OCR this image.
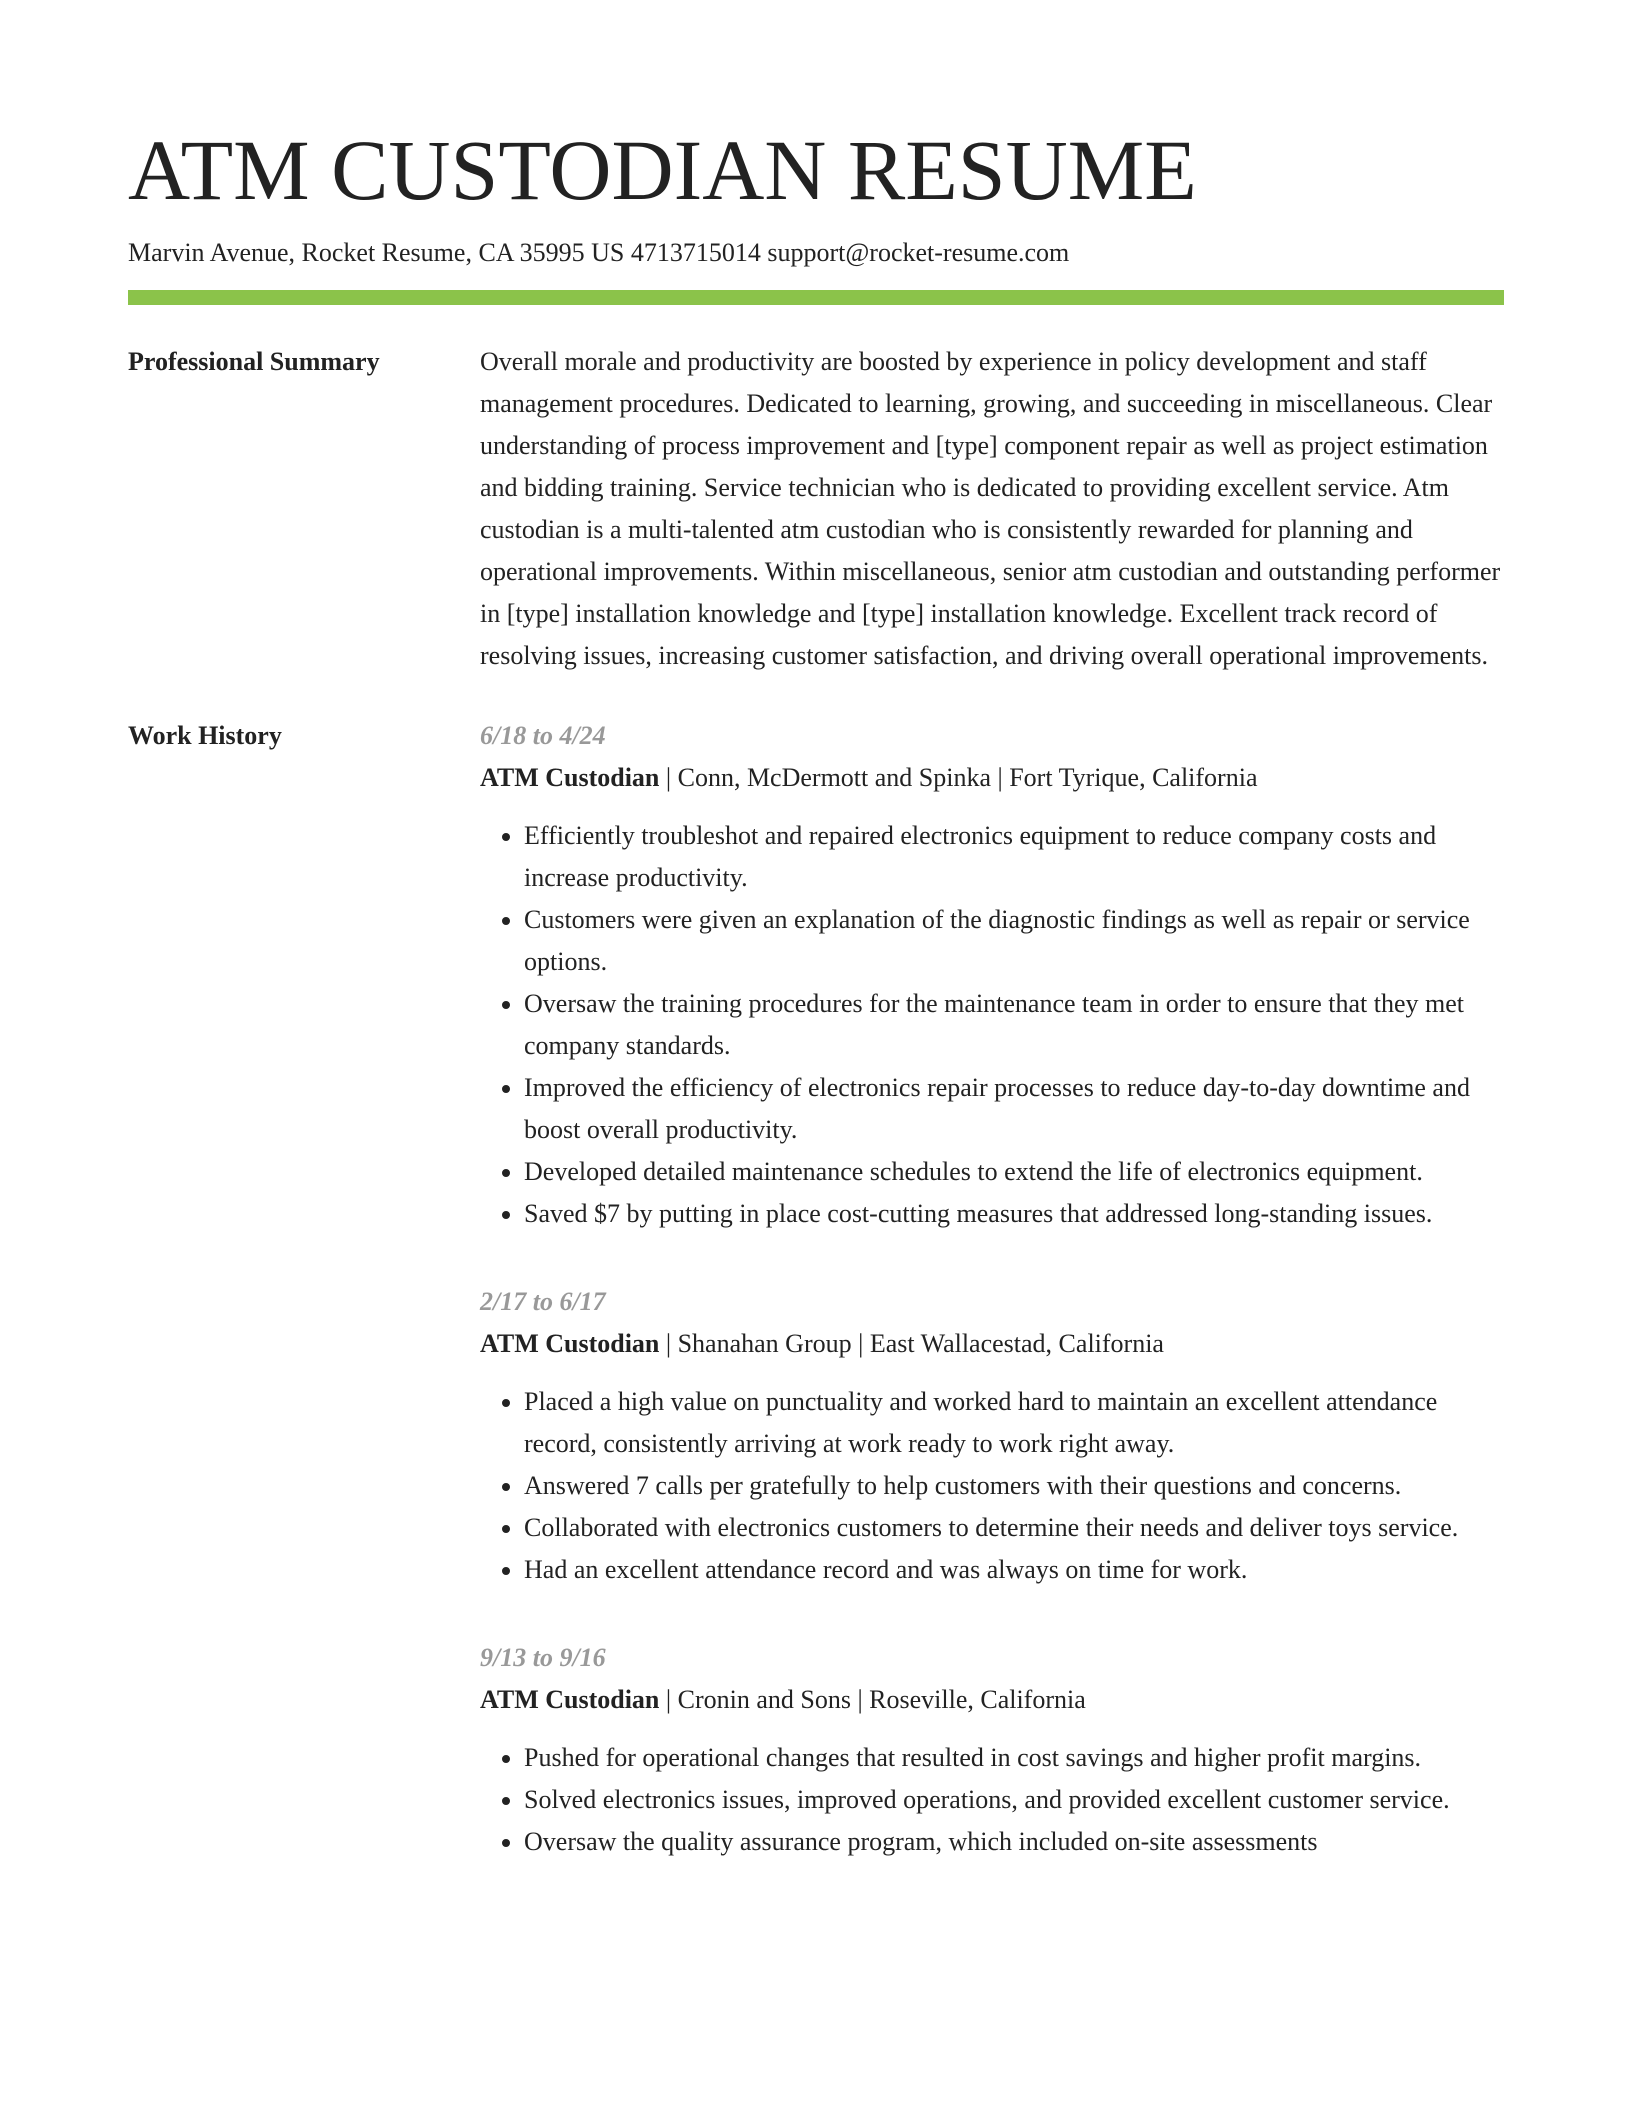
ATM CUSTODIAN RESUME
Marvin Avenue, Rocket Resume, CA 35995 US 4713715014 support@rocket-resume.com
Professional Summary	Overall morale and productivity are boosted by experience in policy development and staff management procedures. Dedicated to learning, growing, and succeeding in miscellaneous. Clear understanding of process improvement and [type] component repair as well as project estimation and bidding training. Service technician who is dedicated to providing excellent service. Atm custodian is a multi-talented atm custodian who is consistently rewarded for planning and operational improvements. Within miscellaneous, senior atm custodian and outstanding performer in [type] installation knowledge and [type] installation knowledge. Excellent track record of resolving issues, increasing customer satisfaction, and driving overall operational improvements.

Work History	6/18 to 4/24
ATM Custodian | Conn, McDermott and Spinka | Fort Tyrique, California
• Efficiently troubleshot and repaired electronics equipment to reduce company costs and increase productivity.
• Customers were given an explanation of the diagnostic findings as well as repair or service options.
• Oversaw the training procedures for the maintenance team in order to ensure that they met company standards.
• Improved the efficiency of electronics repair processes to reduce day-to-day downtime and boost overall productivity.
• Developed detailed maintenance schedules to extend the life of electronics equipment.
• Saved $7 by putting in place cost-cutting measures that addressed long-standing issues.
2/17 to 6/17
ATM Custodian | Shanahan Group | East Wallacestad, California
• Placed a high value on punctuality and worked hard to maintain an excellent attendance record, consistently arriving at work ready to work right away.
• Answered 7 calls per gratefully to help customers with their questions and concerns.
• Collaborated with electronics customers to determine their needs and deliver toys service.
• Had an excellent attendance record and was always on time for work.
9/13 to 9/16
ATM Custodian | Cronin and Sons | Roseville, California
• Pushed for operational changes that resulted in cost savings and higher profit margins.
• Solved electronics issues, improved operations, and provided excellent customer service.
• Oversaw the quality assurance program, which included on-site assessments
